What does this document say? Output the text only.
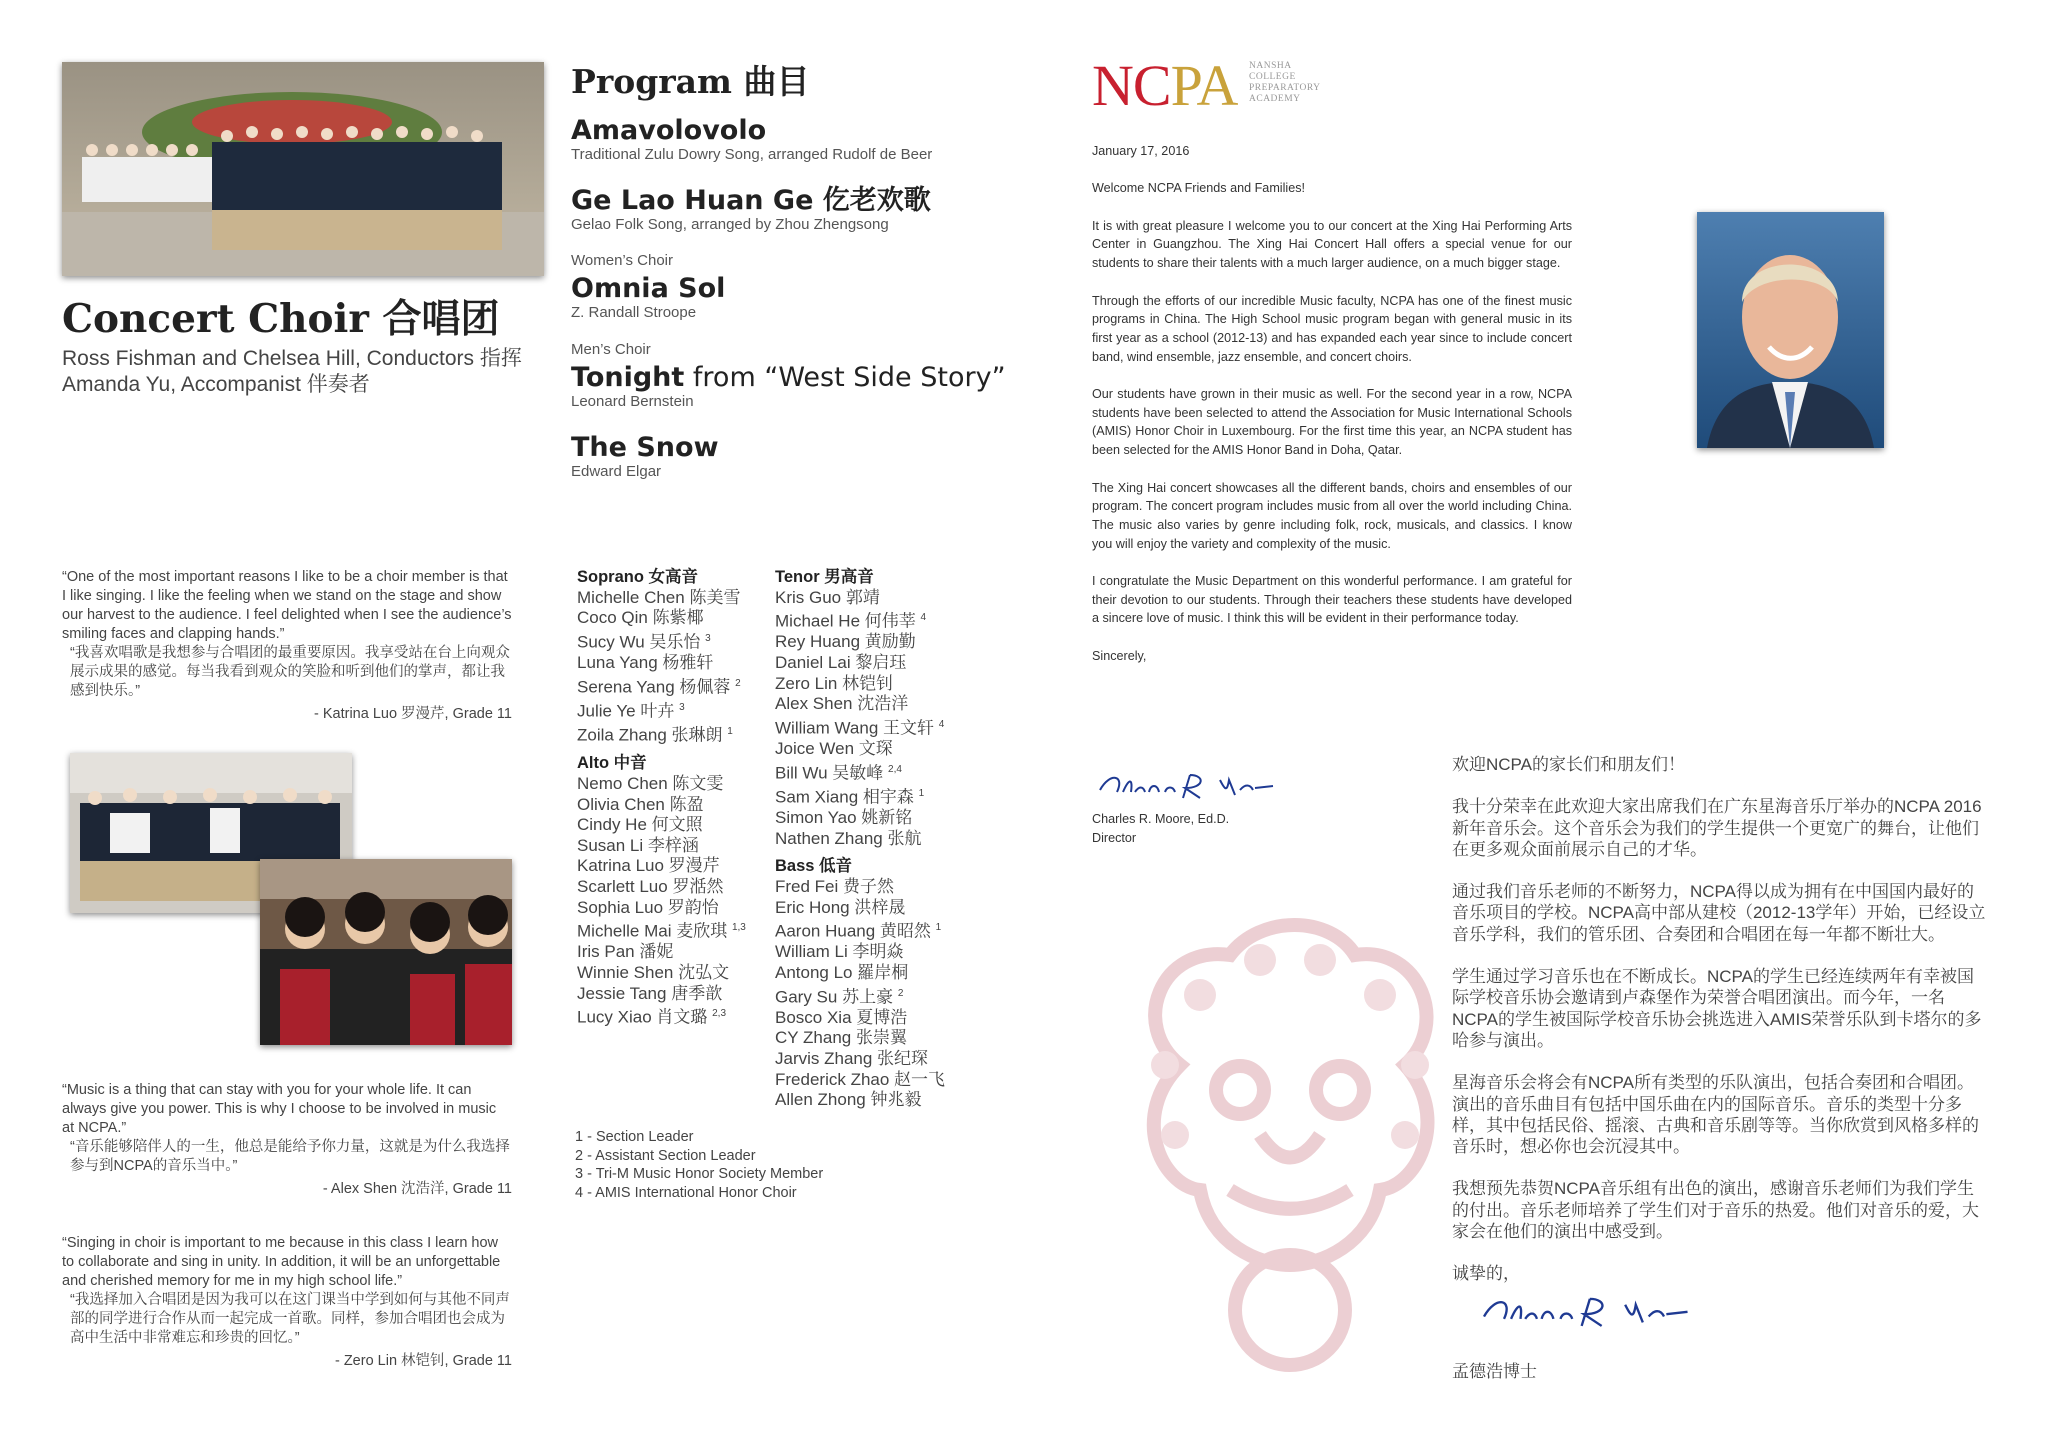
Concert Choir 合唱团
Ross Fishman and Chelsea Hill, Conductors 指挥
Amanda Yu, Accompanist 伴奏者
“One of the most important reasons I like to be a choir member is that I like singing. I like the feeling when we stand on the stage and show our harvest to the audience. I feel delighted when I see the audience’s smiling faces and clapping hands.”
“我喜欢唱歌是我想参与合唱团的最重要原因。我享受站在台上向观众展示成果的感觉。每当我看到观众的笑脸和听到他们的掌声，都让我感到快乐。”
- Katrina Luo 罗漫芹, Grade 11
“Music is a thing that can stay with you for your whole life. It can always give you power. This is why I choose to be involved in music at NCPA.”
“音乐能够陪伴人的一生，他总是能给予你力量，这就是为什么我选择参与到NCPA的音乐当中。”
- Alex Shen 沈浩洋, Grade 11
“Singing in choir is important to me because in this class I learn how to collaborate and sing in unity. In addition, it will be an unforgettable and cherished memory for me in my high school life.”
“我选择加入合唱团是因为我可以在这门课当中学到如何与其他不同声部的同学进行合作从而一起完成一首歌。同样，参加合唱团也会成为高中生活中非常难忘和珍贵的回忆。”
- Zero Lin 林铠钊, Grade 11
Program 曲目
Amavolovolo
Traditional Zulu Dowry Song, arranged Rudolf de Beer
Ge Lao Huan Ge 仡老欢歌
Gelao Folk Song, arranged by Zhou Zhengsong
Women’s Choir
Omnia Sol
Z. Randall Stroope
Men’s Choir
Tonight from “West Side Story”
Leonard Bernstein
The Snow
Edward Elgar
Soprano 女高音
Michelle Chen 陈美雪
Coco Qin 陈紫椰
Sucy Wu 吴乐怡 $^3$
Luna Yang 杨雅轩
Serena Yang 杨佩蓉 $^2$
Julie Ye 叶卉 $^3$
Zoila Zhang 张琳朗 $^1$
Alto 中音
Nemo Chen 陈文雯
Olivia Chen 陈盈
Cindy He 何文照
Susan Li 李梓涵
Katrina Luo 罗漫芹
Scarlett Luo 罗湉然
Sophia Luo 罗韵怡
Michelle Mai 麦欣琪 $^{1,3}$
Iris Pan 潘妮
Winnie Shen 沈弘文
Jessie Tang 唐季歆
Lucy Xiao 肖文璐 $^{2,3}$
Tenor 男高音
Kris Guo 郭靖
Michael He 何伟莘 $^4$
Rey Huang 黄励勤
Daniel Lai 黎启珏
Zero Lin 林铠钊
Alex Shen 沈浩洋
William Wang 王文轩 $^4$
Joice Wen 文琛
Bill Wu 吴敏峰 $^{2,4}$
Sam Xiang 相宇森 $^1$
Simon Yao 姚新铭
Nathen Zhang 张航
Bass 低音
Fred Fei 费子然
Eric Hong 洪梓晟
Aaron Huang 黄昭然 $^1$
William Li 李明焱
Antong Lo 羅岸桐
Gary Su 苏上豪 $^2$
Bosco Xia 夏博浩
CY Zhang 张崇翼
Jarvis Zhang 张纪琛
Frederick Zhao 赵一飞
Allen Zhong 钟兆毅
1 - Section Leader
2 - Assistant Section Leader
3 - Tri-M Music Honor Society Member
4 - AMIS International Honor Choir
NCPA NANSHA
COLLEGE
PREPARATORY
ACADEMY

January 17, 2016

Welcome NCPA Friends and Families!

It is with great pleasure I welcome you to our concert at the Xing Hai Performing Arts Center in Guangzhou. The Xing Hai Concert Hall offers a special venue for our students to share their talents with a much larger audience, on a much bigger stage.

Through the efforts of our incredible Music faculty, NCPA has one of the finest music programs in China. The High School music program began with general music in its first year as a school (2012-13) and has expanded each year since to include concert band, wind ensemble, jazz ensemble, and concert choirs.

Our students have grown in their music as well. For the second year in a row, NCPA students have been selected to attend the Association for Music International Schools (AMIS) Honor Choir in Luxembourg. For the first time this year, an NCPA student has been selected for the AMIS Honor Band in Doha, Qatar.

The Xing Hai concert showcases all the different bands, choirs and ensembles of our program. The concert program includes music from all over the world including China. The music also varies by genre including folk, rock, musicals, and classics. I know you will enjoy the variety and complexity of the music.

I congratulate the Music Department on this wonderful performance. I am grateful for their devotion to our students. Through their teachers these students have developed a sincere love of music. I think this will be evident in their performance today.

Sincerely,

Charles R. Moore, Ed.D.
Director

欢迎NCPA的家长们和朋友们！

我十分荣幸在此欢迎大家出席我们在广东星海音乐厅举办的NCPA 2016新年音乐会。这个音乐会为我们的学生提供一个更宽广的舞台，让他们在更多观众面前展示自己的才华。

通过我们音乐老师的不断努力，NCPA得以成为拥有在中国国内最好的音乐项目的学校。NCPA高中部从建校（2012-13学年）开始，已经设立音乐学科，我们的管乐团、合奏团和合唱团在每一年都不断壮大。

学生通过学习音乐也在不断成长。NCPA的学生已经连续两年有幸被国际学校音乐协会邀请到卢森堡作为荣誉合唱团演出。而今年，一名NCPA的学生被国际学校音乐协会挑选进入AMIS荣誉乐队到卡塔尔的多哈参与演出。

星海音乐会将会有NCPA所有类型的乐队演出，包括合奏团和合唱团。演出的音乐曲目有包括中国乐曲在内的国际音乐。音乐的类型十分多样，其中包括民俗、摇滚、古典和音乐剧等等。当你欣赏到风格多样的音乐时，想必你也会沉浸其中。

我想预先恭贺NCPA音乐组有出色的演出，感谢音乐老师们为我们学生的付出。音乐老师培养了学生们对于音乐的热爱。他们对音乐的爱，大家会在他们的演出中感受到。

诚挚的，

孟德浩博士
